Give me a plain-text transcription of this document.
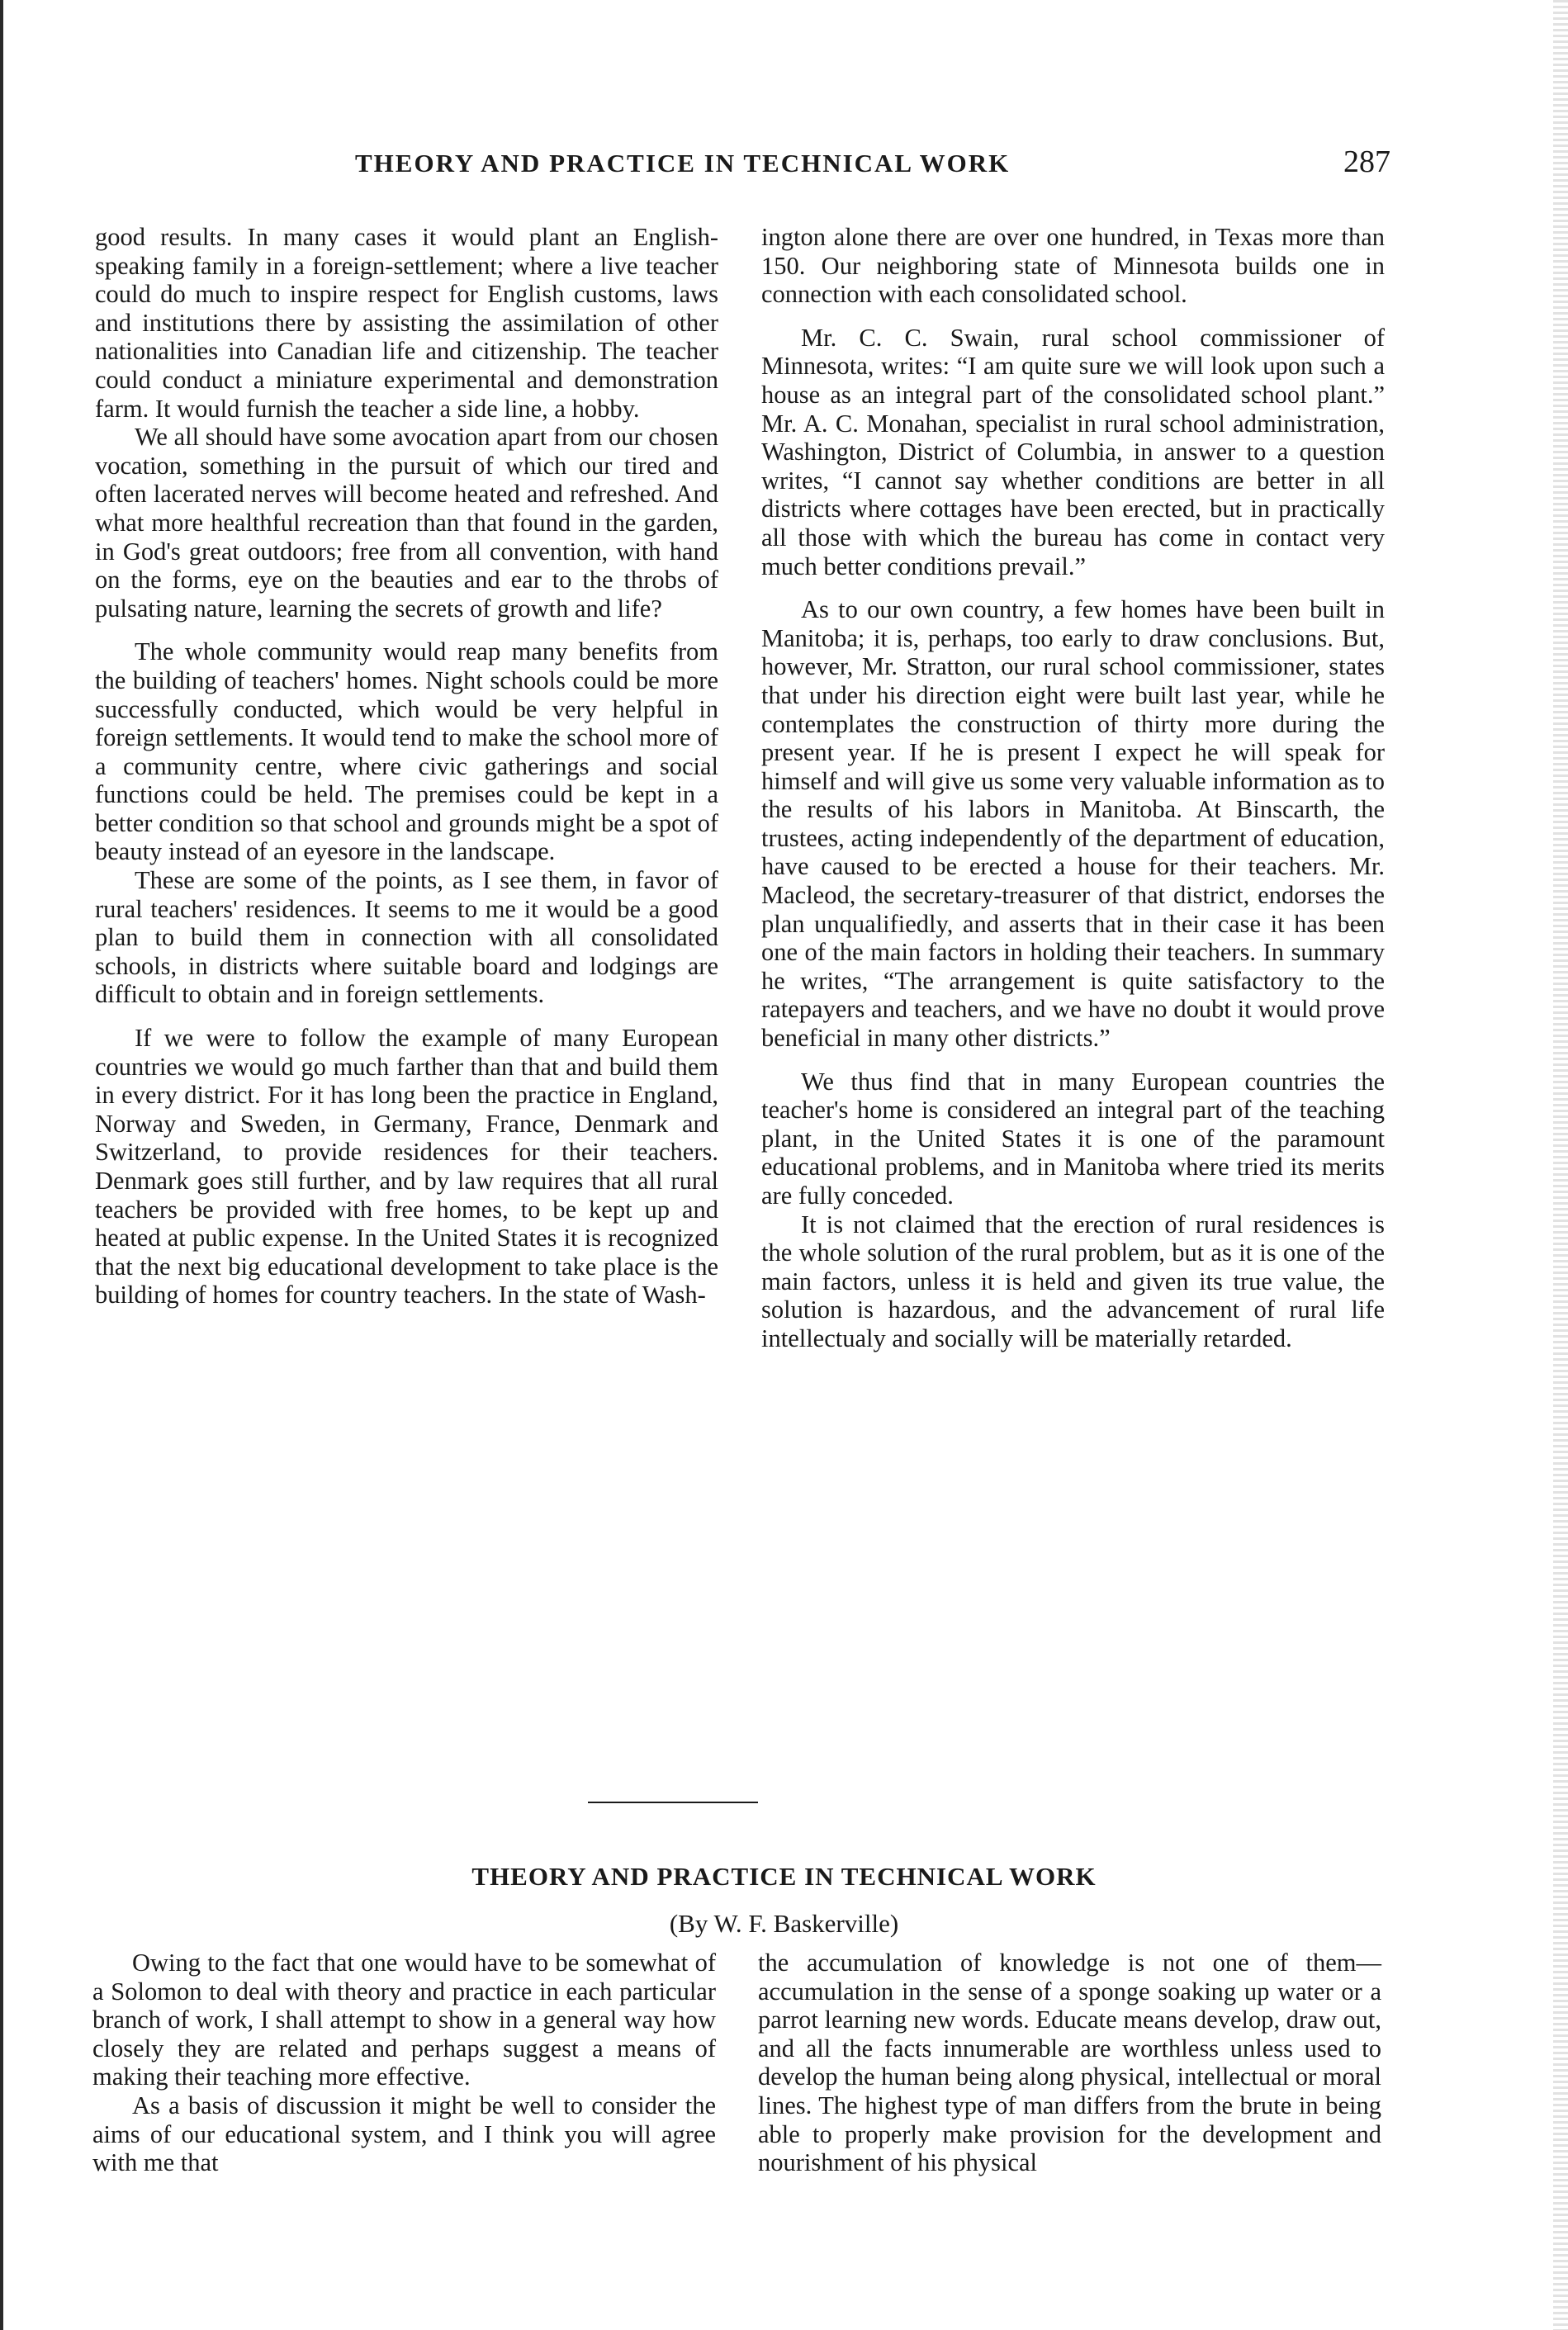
THEORY AND PRACTICE IN TECHNICAL WORK	287

good results. In many cases it would plant an English-speaking family in a foreign-settlement; where a live teacher could do much to inspire respect for English customs, laws and institutions there by assisting the assimilation of other nationalities into Canadian life and citizenship. The teacher could conduct a miniature experimental and demonstration farm. It would furnish the teacher a side line, a hobby.

We all should have some avocation apart from our chosen vocation, something in the pursuit of which our tired and often lacerated nerves will become heated and refreshed. And what more healthful recreation than that found in the garden, in God's great outdoors; free from all convention, with hand on the forms, eye on the beauties and ear to the throbs of pulsating nature, learning the secrets of growth and life?

The whole community would reap many benefits from the building of teachers' homes. Night schools could be more successfully conducted, which would be very helpful in foreign settlements. It would tend to make the school more of a community centre, where civic gatherings and social functions could be held. The premises could be kept in a better condition so that school and grounds might be a spot of beauty instead of an eyesore in the landscape.

These are some of the points, as I see them, in favor of rural teachers' residences. It seems to me it would be a good plan to build them in connection with all consolidated schools, in districts where suitable board and lodgings are difficult to obtain and in foreign settlements.

If we were to follow the example of many European countries we would go much farther than that and build them in every district. For it has long been the practice in England, Norway and Sweden, in Germany, France, Denmark and Switzerland, to provide residences for their teachers. Denmark goes still further, and by law requires that all rural teachers be provided with free homes, to be kept up and heated at public expense. In the United States it is recognized that the next big educational development to take place is the building of homes for country teachers. In the state of Wash-

ington alone there are over one hundred, in Texas more than 150. Our neighboring state of Minnesota builds one in connection with each consolidated school.

Mr. C. C. Swain, rural school commissioner of Minnesota, writes: “I am quite sure we will look upon such a house as an integral part of the consolidated school plant.” Mr. A. C. Monahan, specialist in rural school administration, Washington, District of Columbia, in answer to a question writes, “I cannot say whether conditions are better in all districts where cottages have been erected, but in practically all those with which the bureau has come in contact very much better conditions prevail.”

As to our own country, a few homes have been built in Manitoba; it is, perhaps, too early to draw conclusions. But, however, Mr. Stratton, our rural school commissioner, states that under his direction eight were built last year, while he contemplates the construction of thirty more during the present year. If he is present I expect he will speak for himself and will give us some very valuable information as to the results of his labors in Manitoba. At Binscarth, the trustees, acting independently of the department of education, have caused to be erected a house for their teachers. Mr. Macleod, the secretary-treasurer of that district, endorses the plan unqualifiedly, and asserts that in their case it has been one of the main factors in holding their teachers. In summary he writes, “The arrangement is quite satisfactory to the ratepayers and teachers, and we have no doubt it would prove beneficial in many other districts.”

We thus find that in many European countries the teacher's home is considered an integral part of the teaching plant, in the United States it is one of the paramount educational problems, and in Manitoba where tried its merits are fully conceded.

It is not claimed that the erection of rural residences is the whole solution of the rural problem, but as it is one of the main factors, unless it is held and given its true value, the solution is hazardous, and the advancement of rural life intellectualy and socially will be materially retarded.

THEORY AND PRACTICE IN TECHNICAL WORK
(By W. F. Baskerville)

Owing to the fact that one would have to be somewhat of a Solomon to deal with theory and practice in each particular branch of work, I shall attempt to show in a general way how closely they are related and perhaps suggest a means of making their teaching more effective.

As a basis of discussion it might be well to consider the aims of our educational system, and I think you will agree with me that

the accumulation of knowledge is not one of them—accumulation in the sense of a sponge soaking up water or a parrot learning new words. Educate means develop, draw out, and all the facts innumerable are worthless unless used to develop the human being along physical, intellectual or moral lines. The highest type of man differs from the brute in being able to properly make provision for the development and nourishment of his physical
